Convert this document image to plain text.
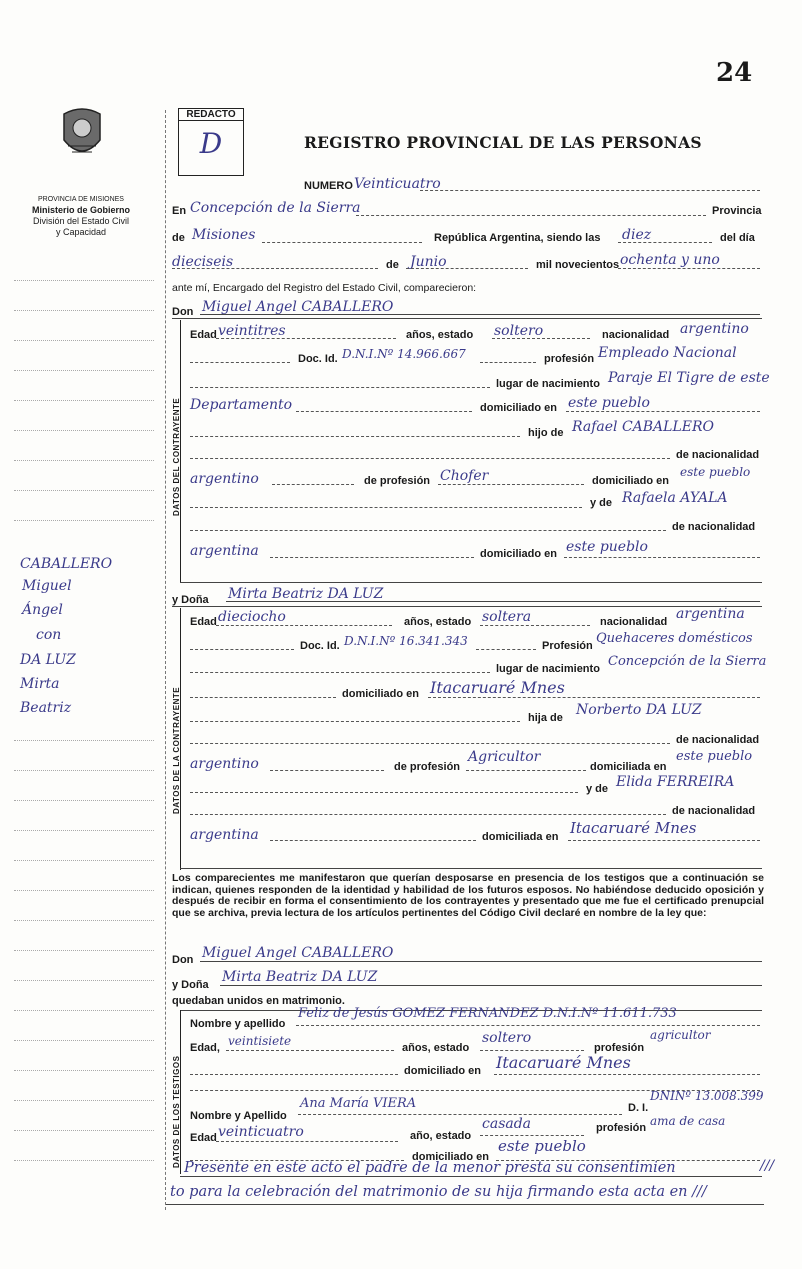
24
PROVINCIA DE MISIONES
Ministerio de Gobierno
División del Estado Civil
y Capacidad
CABALLERO
Miguel
Ángel
con
DA LUZ
Mirta
Beatriz
REDACTO
D	REGISTRO PROVINCIAL DE LAS PERSONAS
NUMERO Veinticuatro
En Concepción de la Sierra	Provincia
de Misiones	República Argentina, siendo las diez	del día
dieciseis	de Junio	mil novecientos ochenta y uno
ante mí, Encargado del Registro del Estado Civil, comparecieron:
Don Miguel Angel CABALLERO
DATOS DEL CONTRAYENTE
Edad veintitres	años, estado soltero	nacionalidad argentino
Doc. Id. D.N.I.Nº 14.966.667	profesión Empleado Nacional
lugar de nacimiento Paraje El Tigre de este
Departamento	domiciliado en este pueblo
hijo de Rafael CABALLERO
de nacionalidad
argentino	de profesión Chofer	domiciliado en
este pueblo
y de Rafaela AYALA
de nacionalidad
argentina	domiciliado en este pueblo
y Doña Mirta Beatriz DA LUZ
DATOS DE LA CONTRAYENTE
Edad dieciocho	años, estado soltera	nacionalidad argentina
Doc. Id. D.N.I.Nº 16.341.343	Profesión Quehaceres domésticos
lugar de nacimiento Concepción de la Sierra
domiciliado en Itacaruaré Mnes
hija de Norberto DA LUZ
de nacionalidad
argentino	de profesión
Agricultor
domiciliada en
este pueblo
y de Elida FERREIRA
de nacionalidad
argentina	domiciliada en Itacaruaré Mnes
Los comparecientes me manifestaron que querían desposarse en presencia de los testigos que a continuación se indican, quienes responden de la identidad y habilidad de los futuros esposos. No habiéndose deducido oposición y después de recibir en forma el consentimiento de los contrayentes y presentado que me fue el certificado prenupcial que se archiva, previa lectura de los artículos pertinentes del Código Civil declaré en nombre de la ley que:
Don Miguel Angel CABALLERO
y Doña Mirta Beatriz DA LUZ
quedaban unidos en matrimonio.
DATOS DE LOS TESTIGOS
Nombre y apellido
Feliz de Jesús GOMEZ FERNANDEZ D.N.I.Nº 11.611.733
Edad, veintisiete	años, estado
soltero
profesión
agricultor
domiciliado en Itacaruaré Mnes
Nombre y Apellido
Ana María VIERA	D. I.
DNINº 13.008.399
Edad veinticuatro	año, estado
casada	profesión ama de casa
domiciliado en
este pueblo
Presente en este acto el padre de la menor presta su consentimien	///
to para la celebración del matrimonio de su hija firmando esta acta en ///
